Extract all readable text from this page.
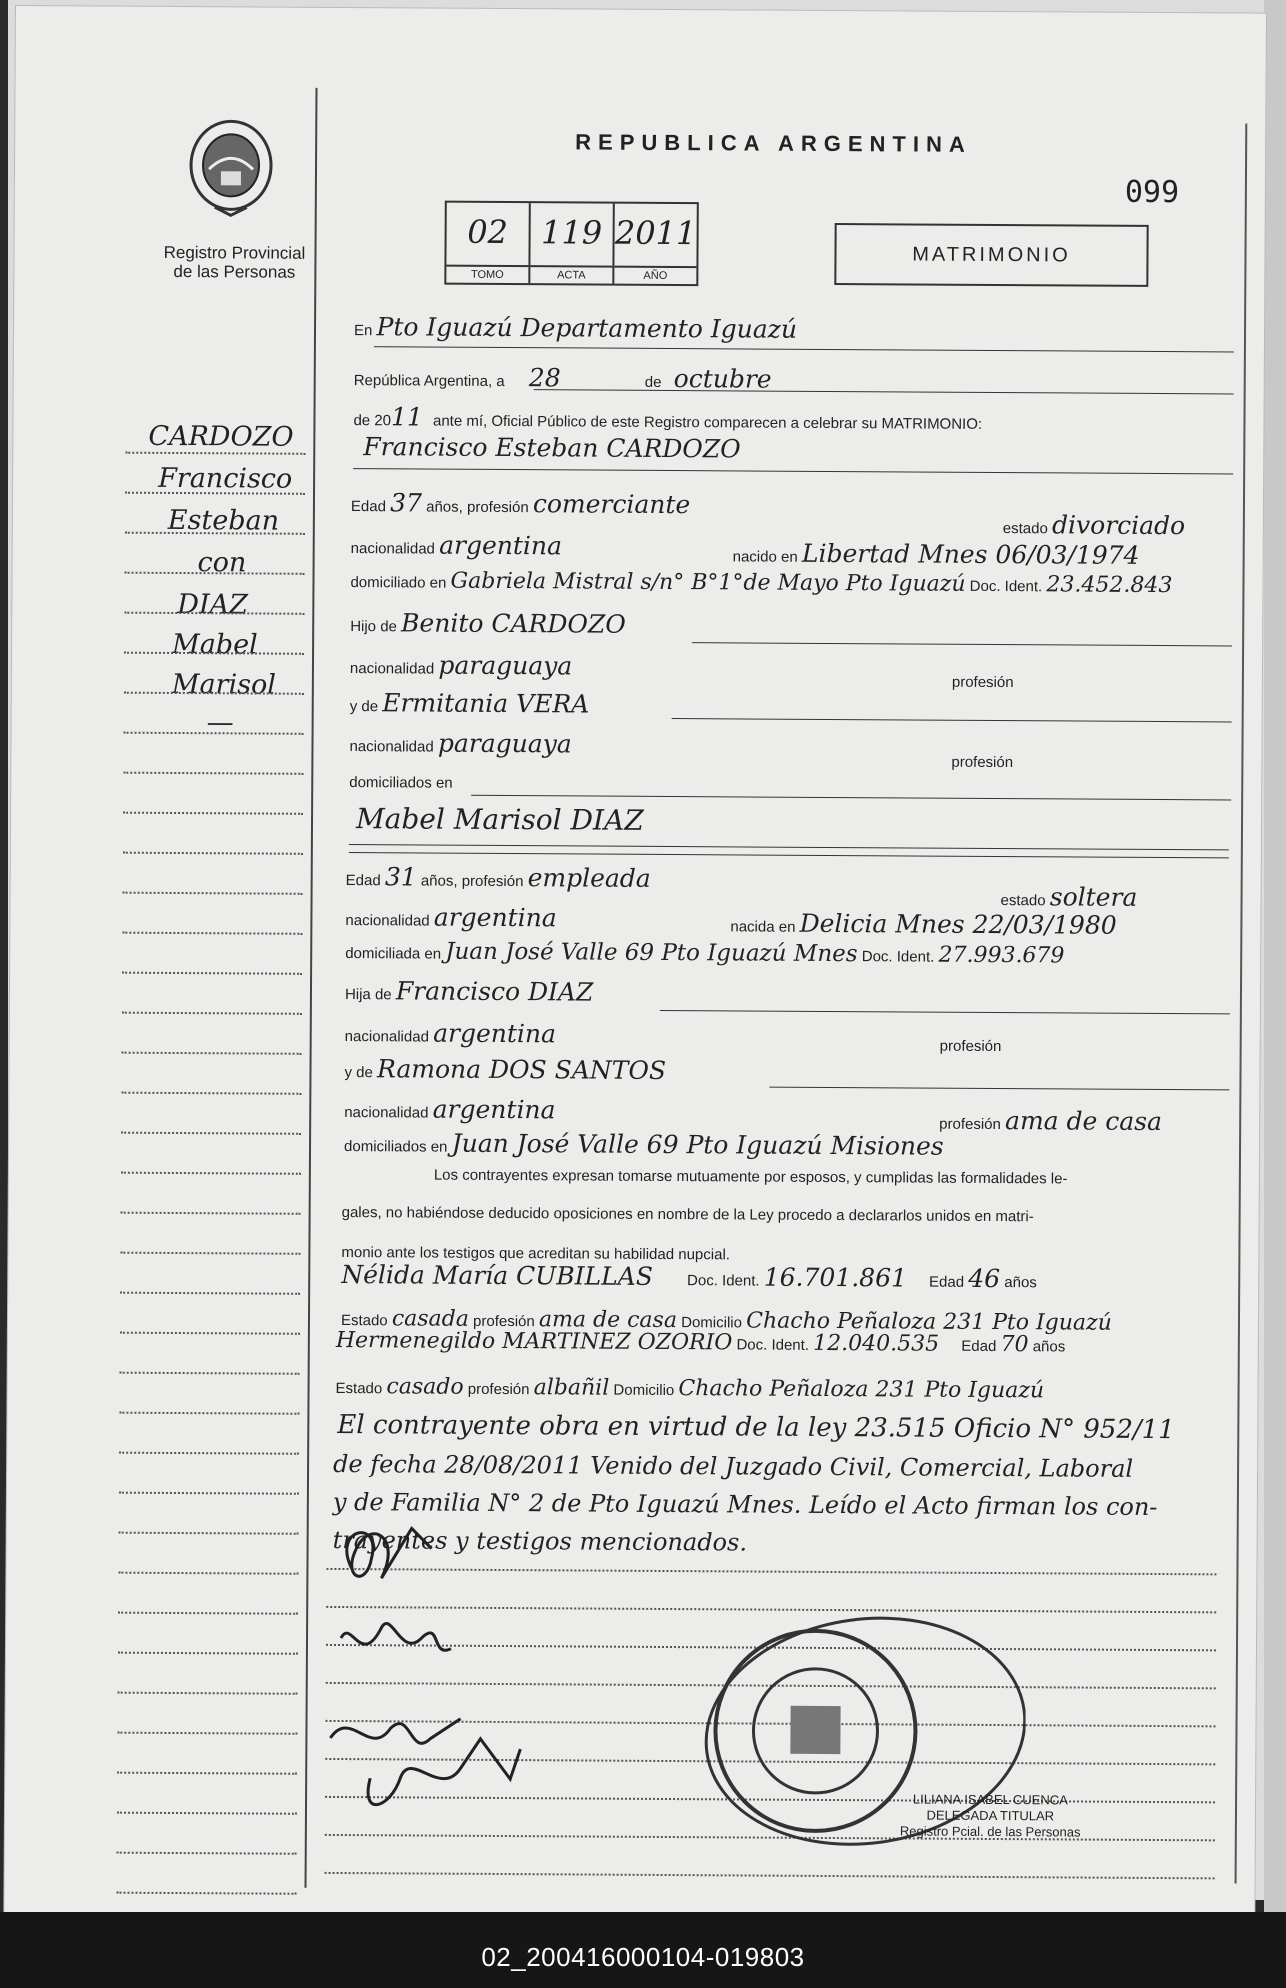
Registro Provincial de las Personas
REPUBLICA ARGENTINA
099
02
TOMO
119
ACTA
2011
AÑO
MATRIMONIO
CARDOZO
Francisco
Esteban
con
DIAZ
Mabel
Marisol
—
En Pto Iguazú Departamento Iguazú
República Argentina, a 28	de octubre
de 2011 ante mí, Oficial Público de este Registro comparecen a celebrar su MATRIMONIO:
Francisco Esteban CARDOZO
Edad 37 años, profesión comerciante
estado divorciado
nacionalidad argentina	nacido en Libertad Mnes 06/03/1974
domiciliado en Gabriela Mistral s/n° B°1°de Mayo Pto Iguazú Doc. Ident. 23.452.843
Hijo de Benito CARDOZO
nacionalidad paraguaya
profesión
y de Ermitania VERA
nacionalidad paraguaya
profesión
domiciliados en
Mabel Marisol DIAZ
Edad 31 años, profesión empleada
estado soltera
nacionalidad argentina	nacida en Delicia Mnes 22/03/1980
domiciliada en Juan José Valle 69 Pto Iguazú Mnes Doc. Ident. 27.993.679
Hija de Francisco DIAZ
nacionalidad argentina	profesión
y de Ramona DOS SANTOS
nacionalidad argentina
profesión ama de casa
domiciliados en Juan José Valle 69 Pto Iguazú Misiones
Los contrayentes expresan tomarse mutuamente por esposos, y cumplidas las formalidades le-
gales, no habiéndose deducido oposiciones en nombre de la Ley procedo a declararlos unidos en matri-
monio ante los testigos que acreditan su habilidad nupcial.
Nélida María CUBILLAS Doc. Ident. 16.701.861 Edad 46 años
Estado casada profesión ama de casa Domicilio Chacho Peñaloza 231 Pto Iguazú
Hermenegildo MARTINEZ OZORIO Doc. Ident. 12.040.535 Edad 70 años
Estado casado profesión albañil Domicilio Chacho Peñaloza 231 Pto Iguazú
El contrayente obra en virtud de la ley 23.515 Oficio N° 952/11
de fecha 28/08/2011 Venido del Juzgado Civil, Comercial, Laboral
y de Familia N° 2 de Pto Iguazú Mnes. Leído el Acto firman los con-
trayentes y testigos mencionados.
LILIANA ISABEL CUENCA
DELEGADA TITULAR
Registro Pcial. de las Personas
02_200416000104-019803
